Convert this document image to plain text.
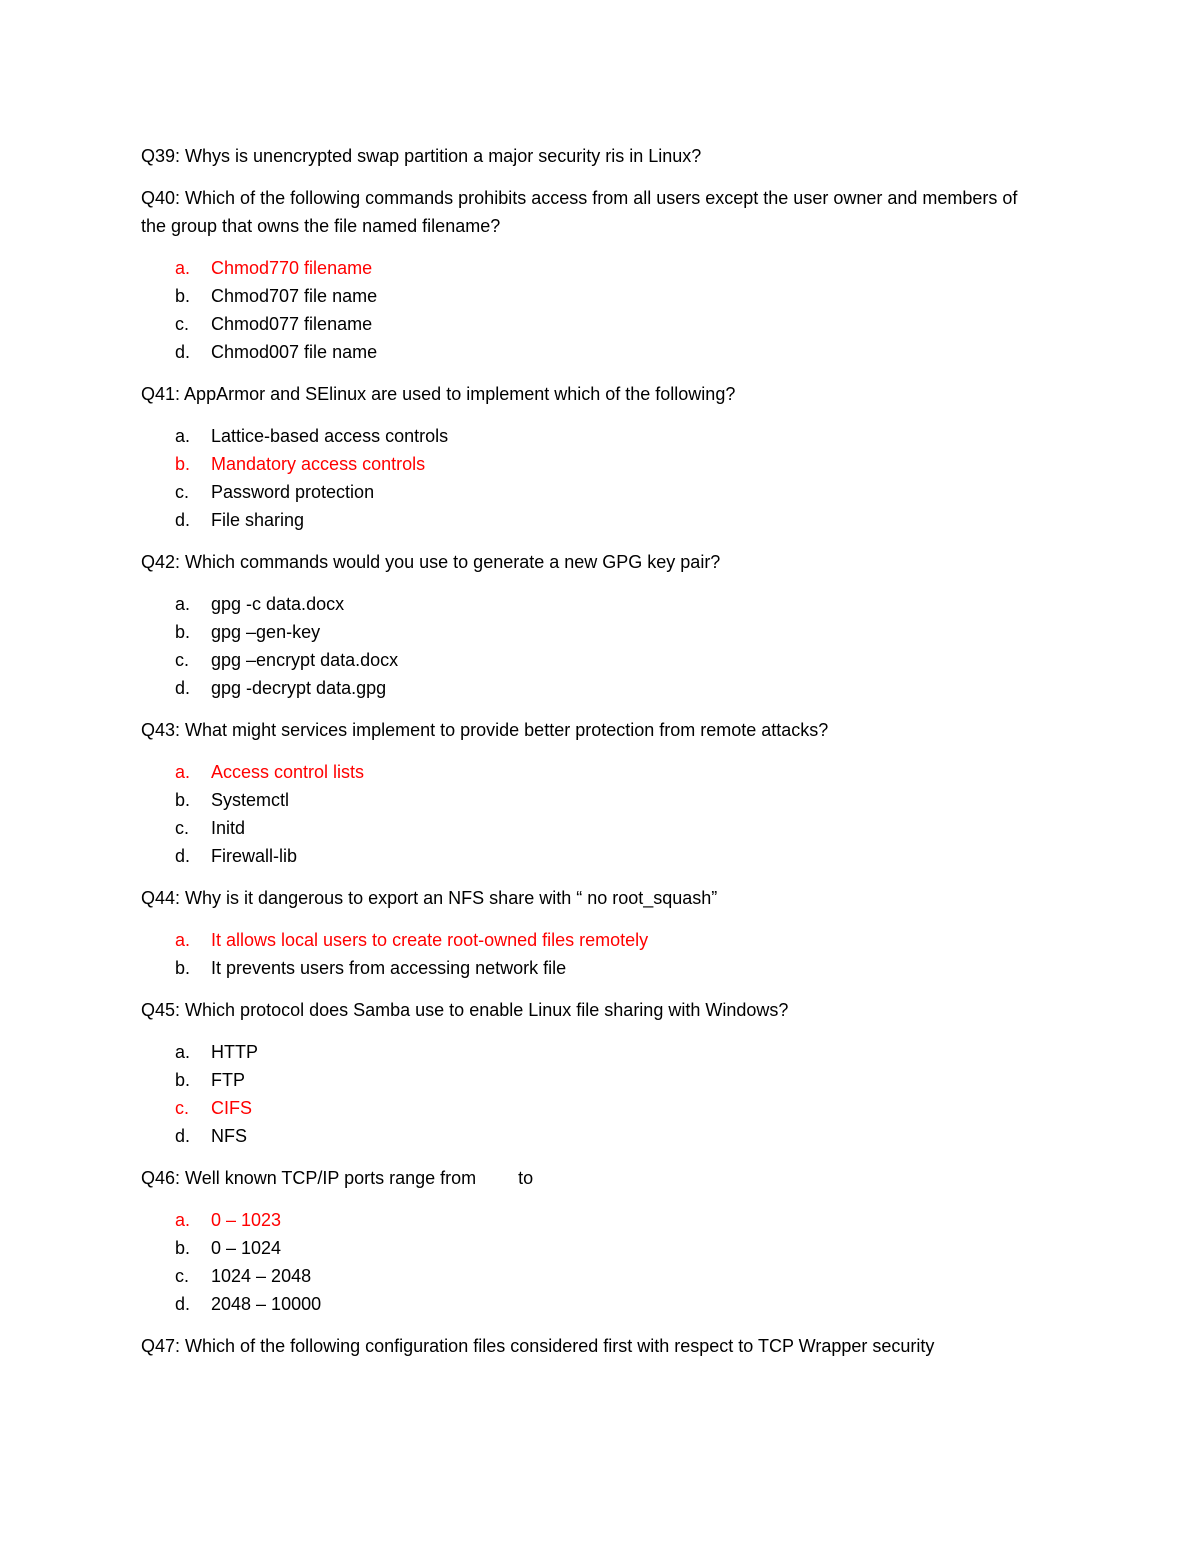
Q39: Whys is unencrypted swap partition a major security ris in Linux?
Q40: Which of the following commands prohibits access from all users except the user owner and members of the group that owns the file named filename?
a. Chmod770 filename
b. Chmod707 file name
c. Chmod077 filename
d. Chmod007 file name
Q41: AppArmor and SElinux are used to implement which of the following?
a. Lattice-based access controls
b. Mandatory access controls
c. Password protection
d. File sharing
Q42: Which commands would you use to generate a new GPG key pair?
a. gpg -c data.docx
b. gpg –gen-key
c. gpg –encrypt data.docx
d. gpg -decrypt data.gpg
Q43: What might services implement to provide better protection from remote attacks?
a. Access control lists
b. Systemctl
c. Initd
d. Firewall-lib
Q44: Why is it dangerous to export an NFS share with “ no root_squash”
a. It allows local users to create root-owned files remotely
b. It prevents users from accessing network file
Q45: Which protocol does Samba use to enable Linux file sharing with Windows?
a. HTTP
b. FTP
c. CIFS
d. NFS
Q46: Well known TCP/IP ports range from to
a. 0 – 1023
b. 0 – 1024
c. 1024 – 2048
d. 2048 – 10000
Q47: Which of the following configuration files considered first with respect to TCP Wrapper security
